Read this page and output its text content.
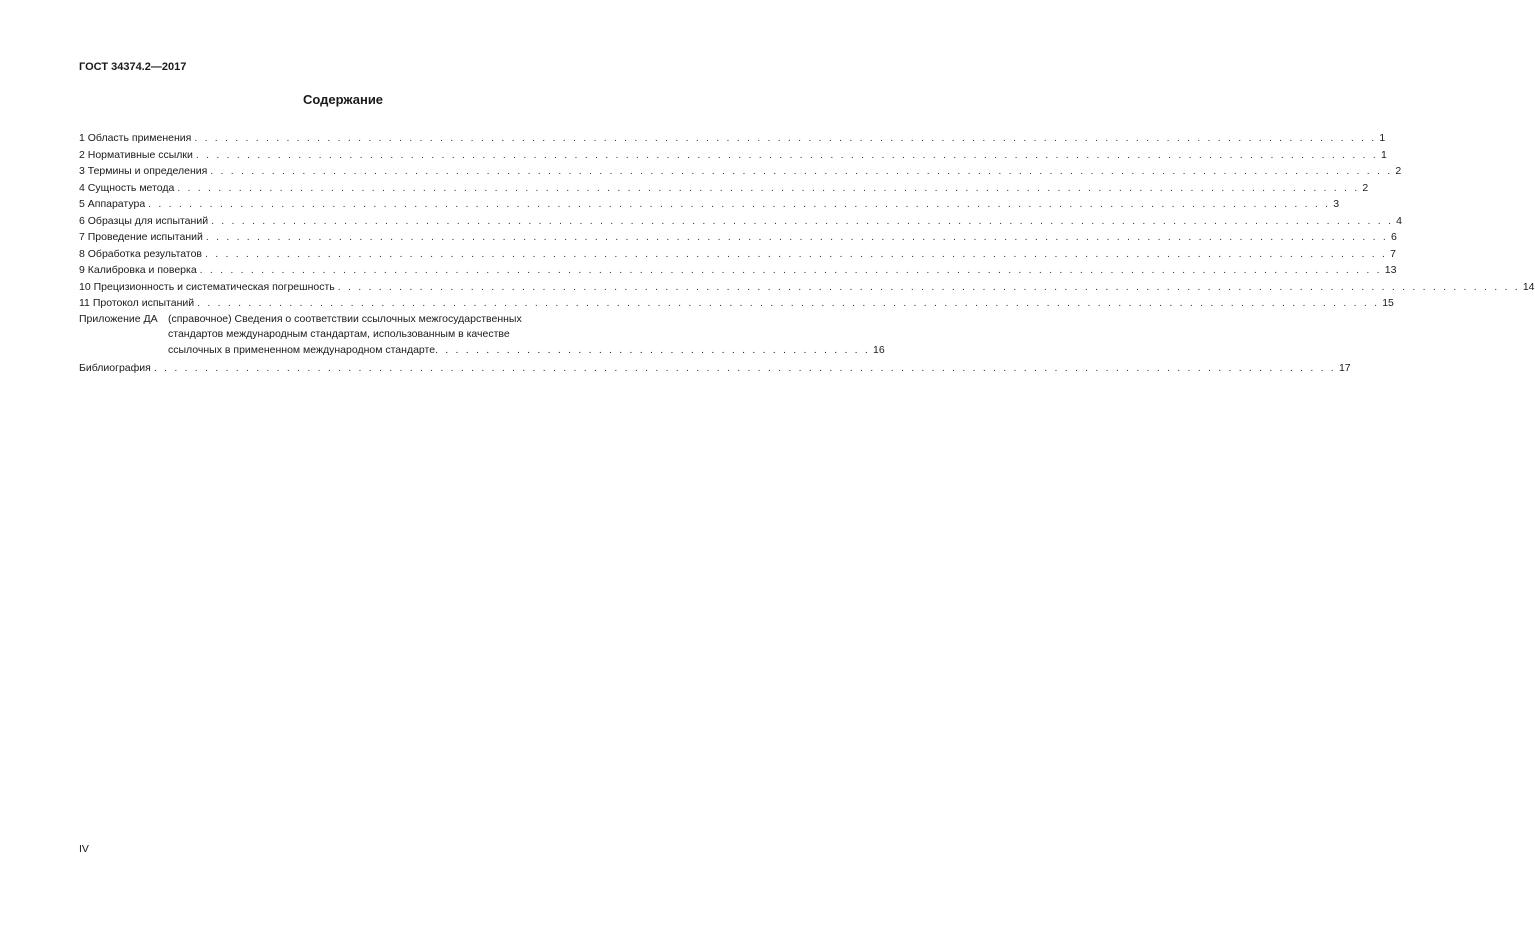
ГОСТ 34374.2—2017
Содержание
1 Область применения . . .	1
2 Нормативные ссылки . . .	1
3 Термины и определения . . .	2
4 Сущность метода . . .	2
5 Аппаратура . . .	3
6 Образцы для испытаний . . .	4
7 Проведение испытаний . . .	6
8 Обработка результатов . . .	7
9 Калибровка и поверка . . .	13
10 Прецизионность и систематическая погрешность . . .	14
11 Протокол испытаний . . .	15
Приложение ДА (справочное) Сведения о соответствии ссылочных межгосударственных
стандартов международным стандартам, использованным в качестве
ссылочных в примененном международном стандарте . . .	16
Библиография . . .	17
IV
